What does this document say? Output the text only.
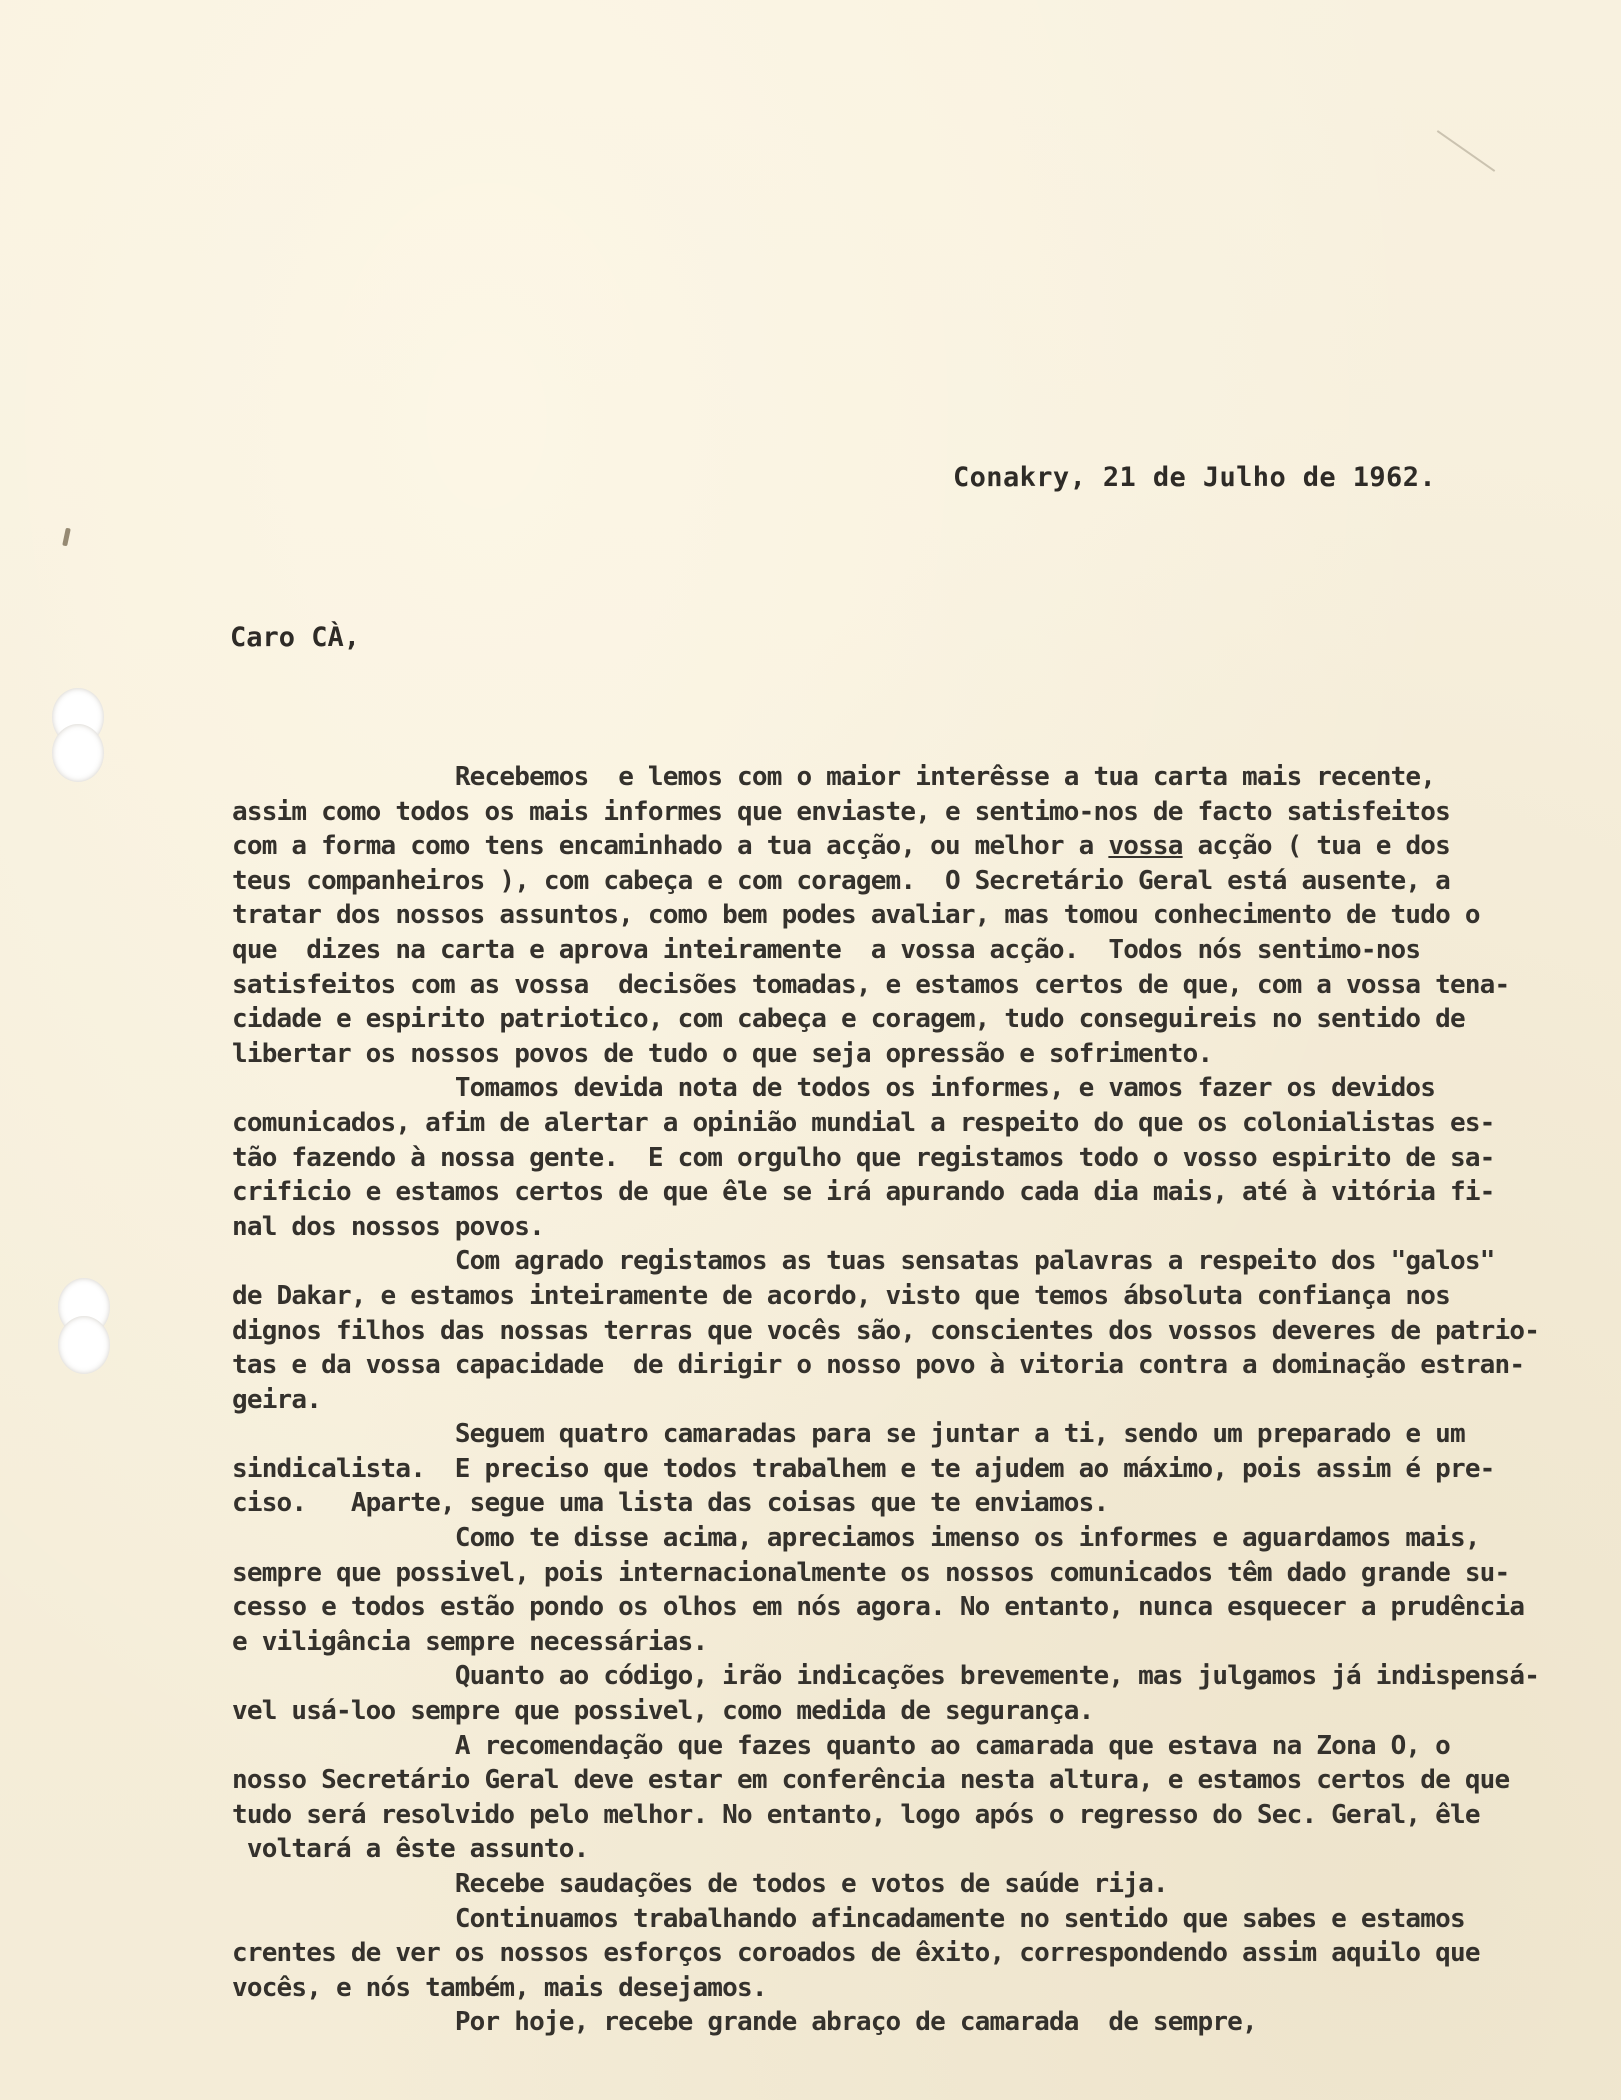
Conakry, 21 de Julho de 1962.
Caro CÀ,

Recebemos  e lemos com o maior interêsse a tua carta mais recente,

assim como todos os mais informes que enviaste, e sentimo-nos de facto satisfeitos

com a forma como tens encaminhado a tua acção, ou melhor a vossa acção ( tua e dos

teus companheiros ), com cabeça e com coragem.  O Secretário Geral está ausente, a

tratar dos nossos assuntos, como bem podes avaliar, mas tomou conhecimento de tudo o

que  dizes na carta e aprova inteiramente  a vossa acção.  Todos nós sentimo-nos

satisfeitos com as vossa  decisões tomadas, e estamos certos de que, com a vossa tena-

cidade e espirito patriotico, com cabeça e coragem, tudo conseguireis no sentido de

libertar os nossos povos de tudo o que seja opressão e sofrimento.

Tomamos devida nota de todos os informes, e vamos fazer os devidos

comunicados, afim de alertar a opinião mundial a respeito do que os colonialistas es-

tão fazendo à nossa gente.  E com orgulho que registamos todo o vosso espirito de sa-

crificio e estamos certos de que êle se irá apurando cada dia mais, até à vitória fi-

nal dos nossos povos.

Com agrado registamos as tuas sensatas palavras a respeito dos "galos"

de Dakar, e estamos inteiramente de acordo, visto que temos ábsoluta confiança nos

dignos filhos das nossas terras que vocês são, conscientes dos vossos deveres de patrio-

tas e da vossa capacidade  de dirigir o nosso povo à vitoria contra a dominação estran-

geira.

Seguem quatro camaradas para se juntar a ti, sendo um preparado e um

sindicalista.  E preciso que todos trabalhem e te ajudem ao máximo, pois assim é pre-

ciso.   Aparte, segue uma lista das coisas que te enviamos.

Como te disse acima, apreciamos imenso os informes e aguardamos mais,

sempre que possivel, pois internacionalmente os nossos comunicados têm dado grande su-

cesso e todos estão pondo os olhos em nós agora. No entanto, nunca esquecer a prudência

e viligância sempre necessárias.

Quanto ao código, irão indicações brevemente, mas julgamos já indispensá-

vel usá-loo sempre que possivel, como medida de segurança.

A recomendação que fazes quanto ao camarada que estava na Zona O, o

nosso Secretário Geral deve estar em conferência nesta altura, e estamos certos de que

tudo será resolvido pelo melhor. No entanto, logo após o regresso do Sec. Geral, êle

voltará a êste assunto.

Recebe saudações de todos e votos de saúde rija.

Continuamos trabalhando afincadamente no sentido que sabes e estamos

crentes de ver os nossos esforços coroados de êxito, correspondendo assim aquilo que

vocês, e nós também, mais desejamos.

Por hoje, recebe grande abraço de camarada  de sempre,
